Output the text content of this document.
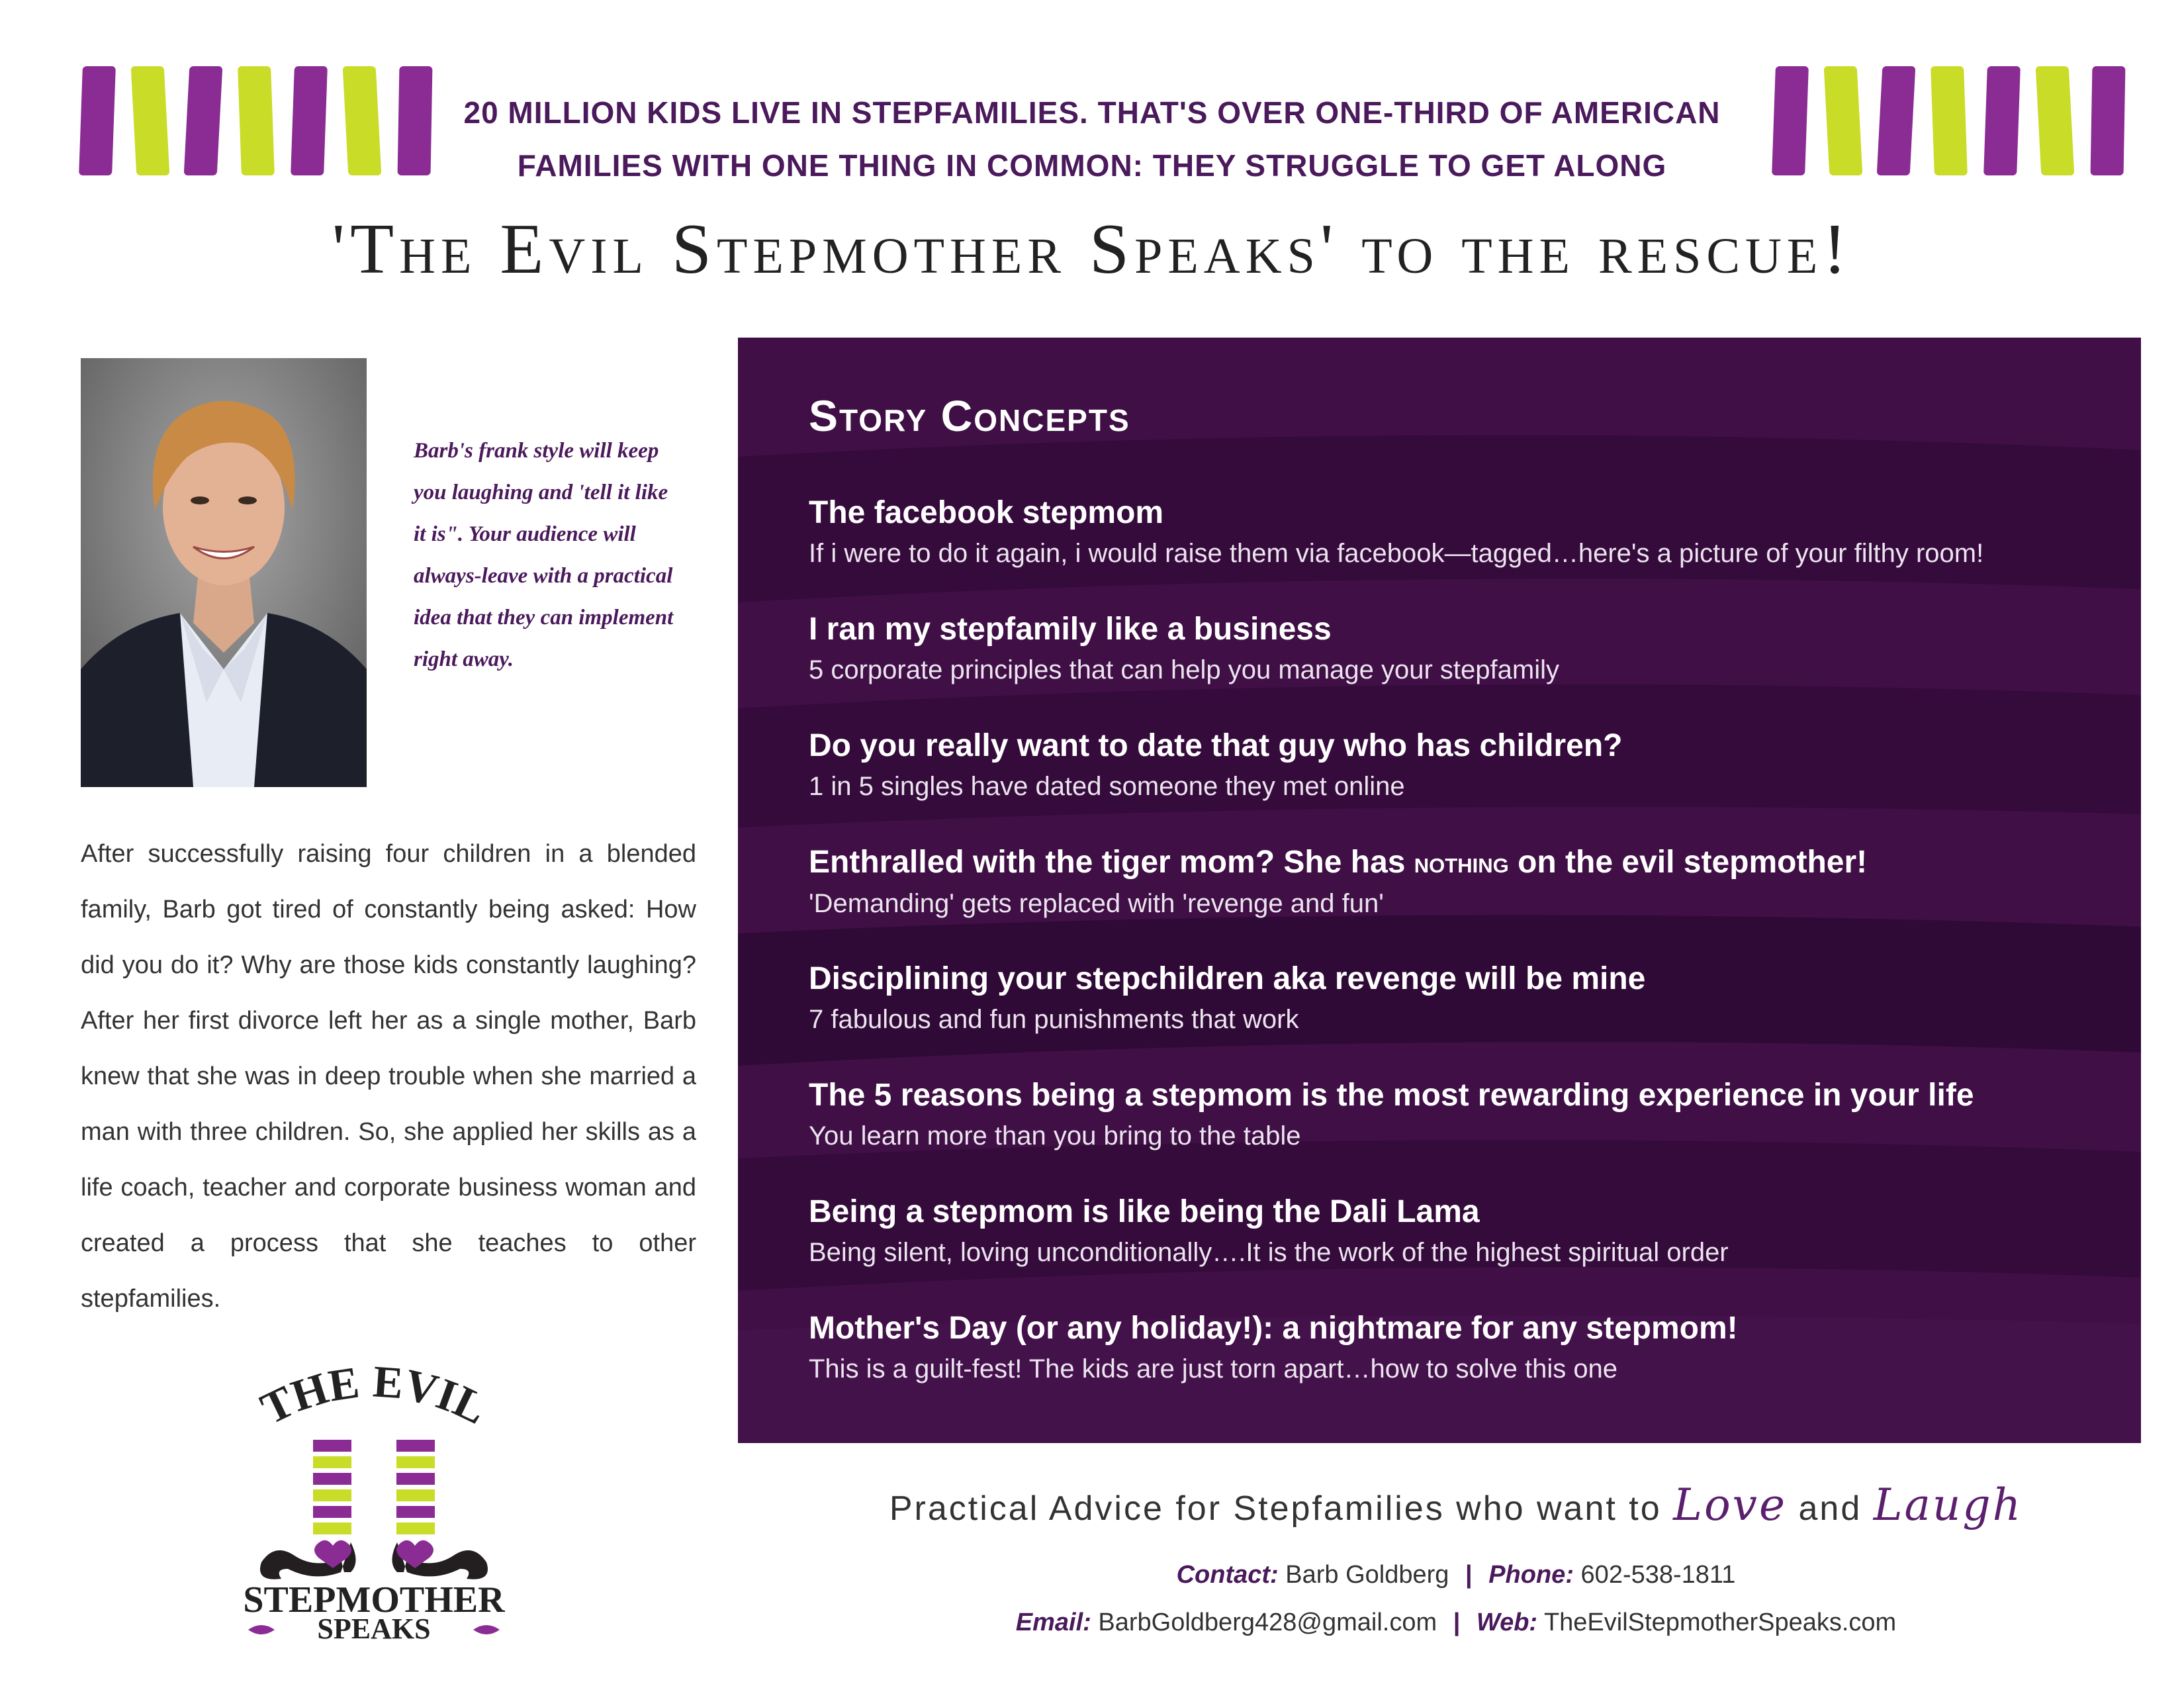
20 MILLION KIDS LIVE IN STEPFAMILIES. THAT'S OVER ONE-THIRD OF AMERICAN
FAMILIES WITH ONE THING IN COMMON: THEY STRUGGLE TO GET ALONG
'The Evil Stepmother Speaks' to the rescue!
Barb's frank style will keep you laughing and 'tell it like it is". Your audience will always-leave with a practical idea that they can implement right away.
After successfully raising four children in a blended family, Barb got tired of constantly being asked: How did you do it? Why are those kids constantly laughing? After her first divorce left her as a single mother, Barb knew that she was in deep trouble when she married a man with three children. So, she applied her skills as a life coach, teacher and corporate business woman and created a process that she teaches to other stepfamilies.
THE EVIL
STEPMOTHER
SPEAKS
Story Concepts
The facebook stepmom
If i were to do it again, i would raise them via facebook—tagged…here's a picture of your filthy room!
I ran my stepfamily like a business
5 corporate principles that can help you manage your stepfamily
Do you really want to date that guy who has children?
1 in 5 singles have dated someone they met online
Enthralled with the tiger mom? She has nothing on the evil stepmother!
'Demanding' gets replaced with 'revenge and fun'
Disciplining your stepchildren aka revenge will be mine
7 fabulous and fun punishments that work
The 5 reasons being a stepmom is the most rewarding experience in your life
You learn more than you bring to the table
Being a stepmom is like being the Dali Lama
Being silent, loving unconditionally….It is the work of the highest spiritual order
Mother's Day (or any holiday!): a nightmare for any stepmom!
This is a guilt-fest! The kids are just torn apart…how to solve this one
Practical Advice for Stepfamilies who want to Love and Laugh
Contact: Barb Goldberg | Phone: 602-538-1811
Email: BarbGoldberg428@gmail.com | Web: TheEvilStepmotherSpeaks.com
